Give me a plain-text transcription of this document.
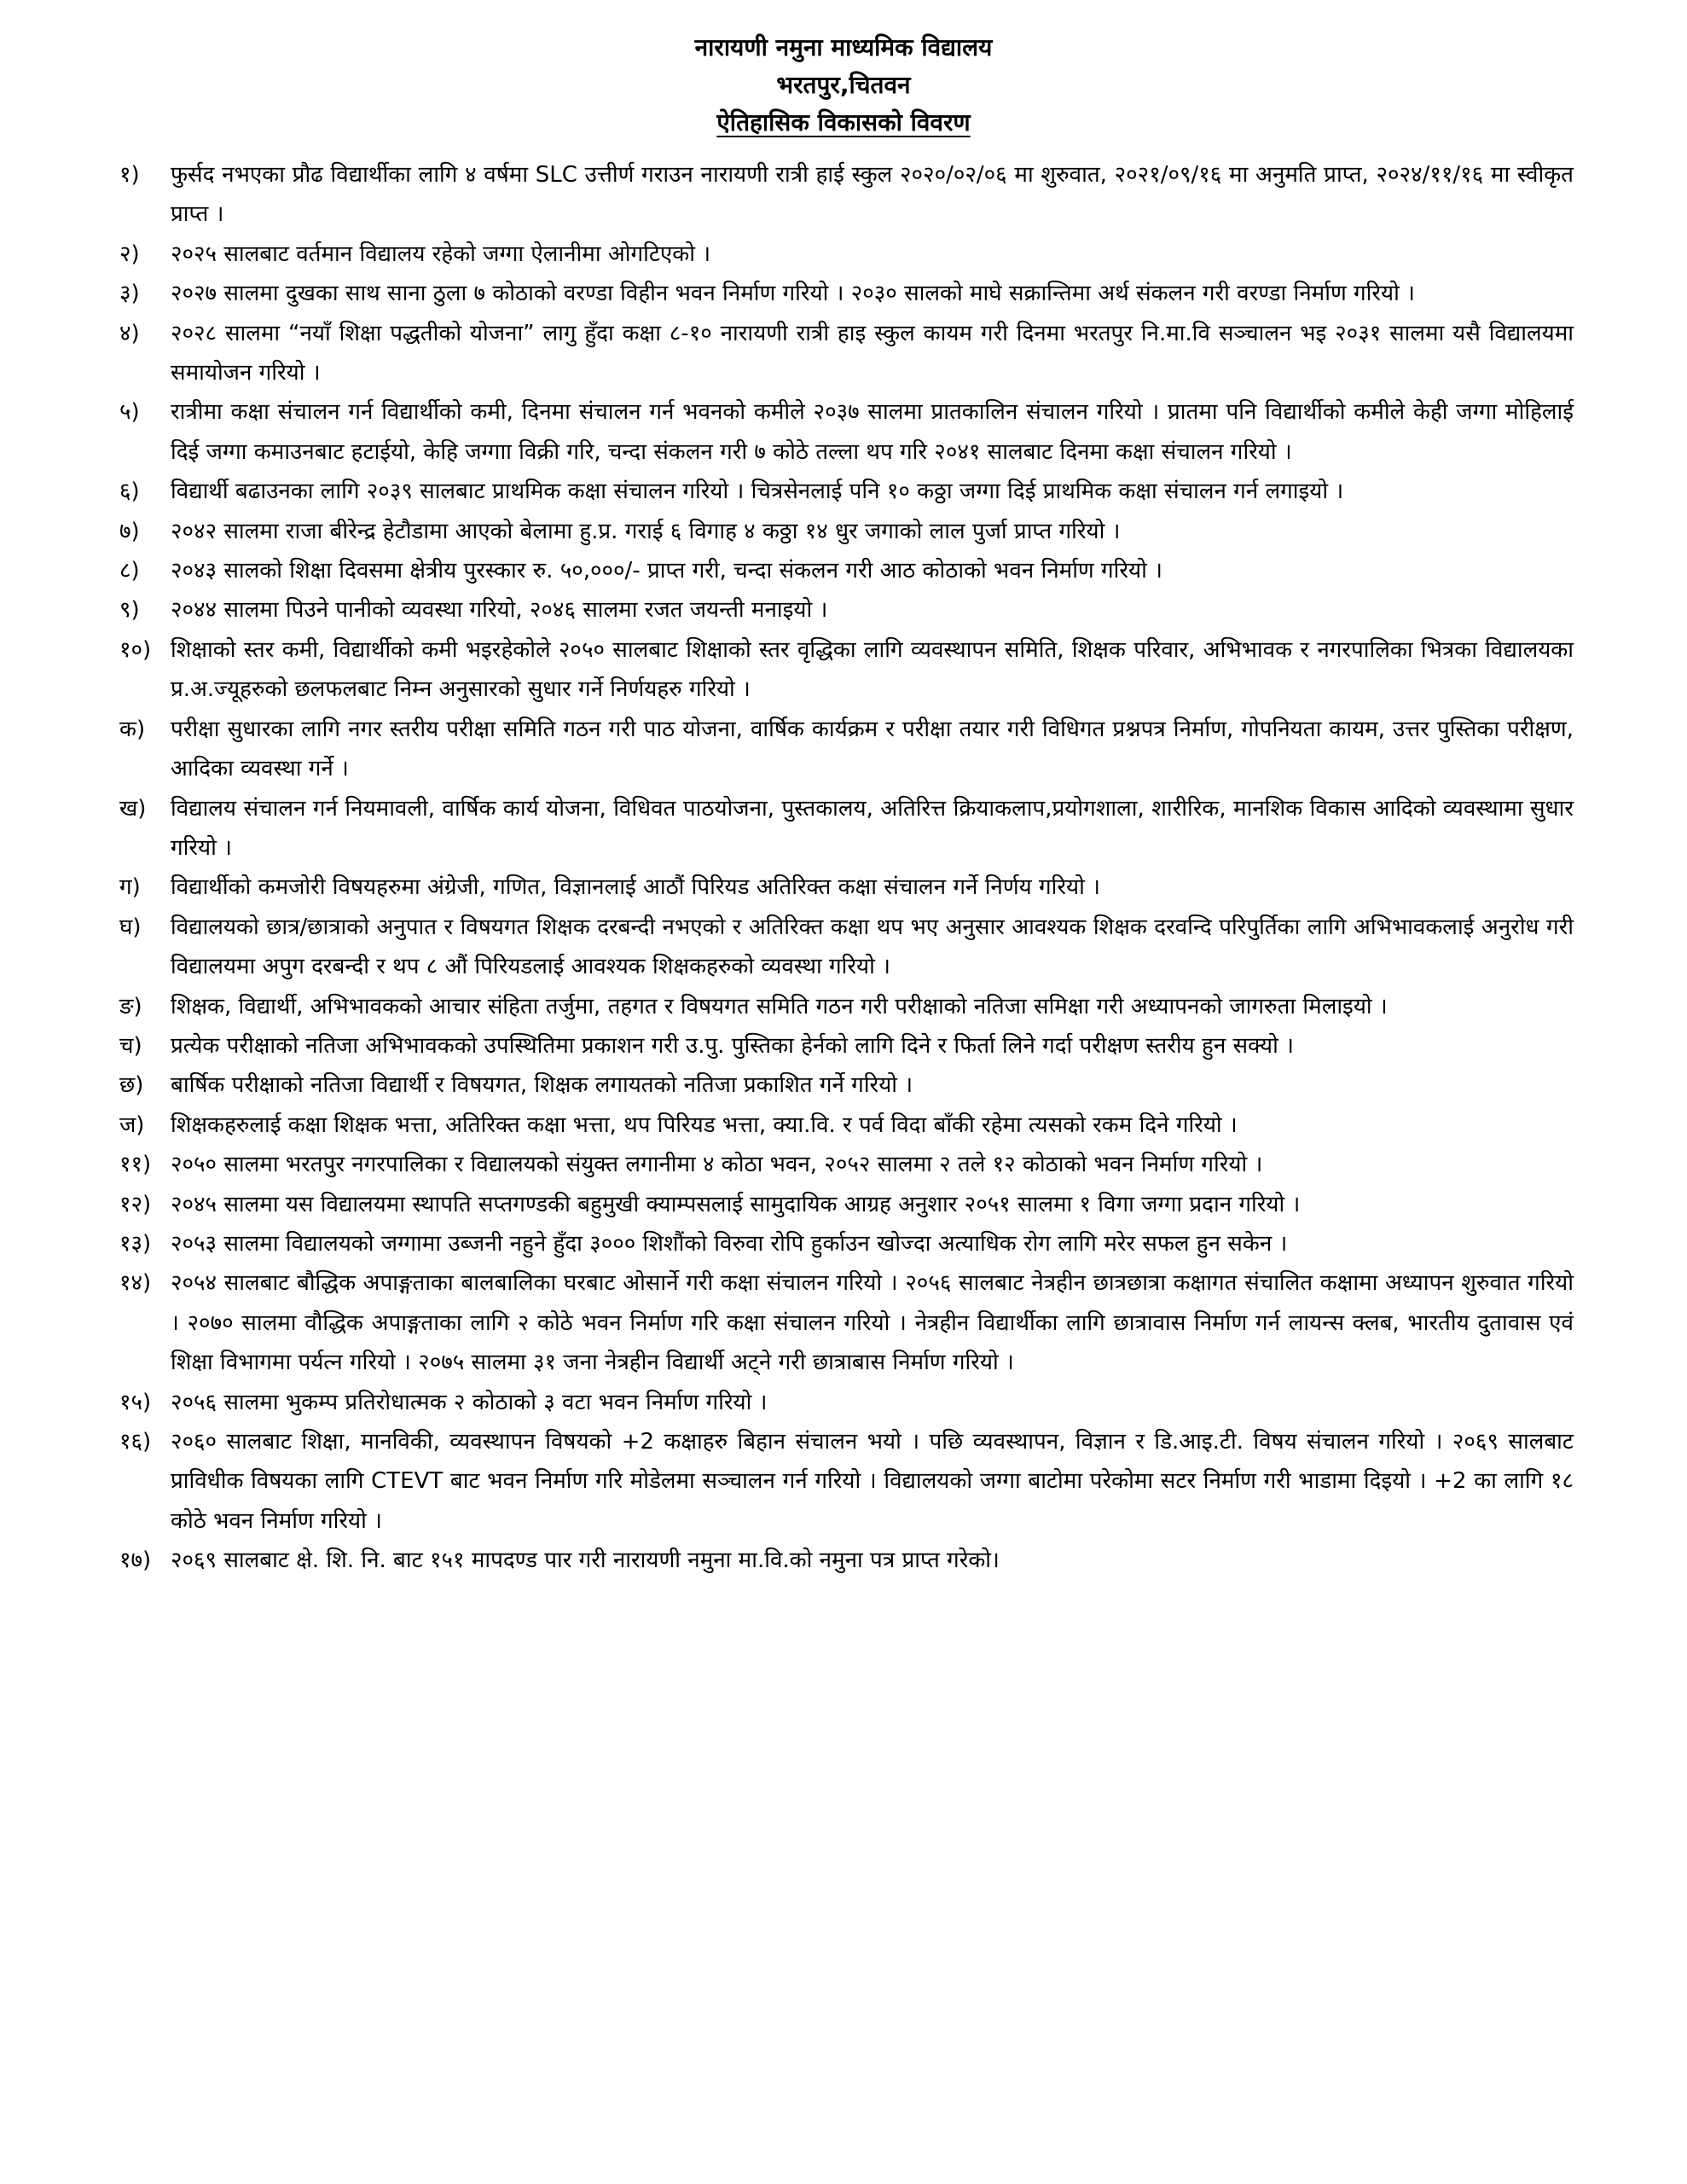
नारायणी नमुना माध्यमिक विद्यालय
भरतपुर,चितवन
ऐतिहासिक विकासको विवरण
१)	फुर्सद नभएका प्रौढ विद्यार्थीका लागि ४ वर्षमा SLC उत्तीर्ण गराउन नारायणी रात्री हाई स्कुल २०२०/०२/०६ मा शुरुवात, २०२१/०९/१६ मा अनुमति प्राप्त, २०२४/११/१६ मा स्वीकृत प्राप्त ।
२)	२०२५ सालबाट वर्तमान विद्यालय रहेको जग्गा ऐलानीमा ओगटिएको ।
३)	२०२७ सालमा दुखका साथ साना ठुला ७ कोठाको वरण्डा विहीन भवन निर्माण गरियो । २०३० सालको माघे सक्रान्तिमा अर्थ संकलन गरी वरण्डा निर्माण गरियो ।
४)	२०२८ सालमा “नयाँ शिक्षा पद्धतीको योजना” लागु हुँदा कक्षा ८-१० नारायणी रात्री हाइ स्कुल कायम गरी दिनमा भरतपुर नि.मा.वि सञ्चालन भइ २०३१ सालमा यसै विद्यालयमा समायोजन गरियो ।
५)	रात्रीमा कक्षा संचालन गर्न विद्यार्थीको कमी, दिनमा संचालन गर्न भवनको कमीले २०३७ सालमा प्रातकालिन संचालन गरियो । प्रातमा पनि विद्यार्थीको कमीले केही जग्गा मोहिलाई दिई जग्गा कमाउनबाट हटाईयो, केहि जग्गाा विक्री गरि, चन्दा संकलन गरी ७ कोठे तल्ला थप गरि २०४१ सालबाट दिनमा कक्षा संचालन गरियो ।
६)	विद्यार्थी बढाउनका लागि २०३९ सालबाट प्राथमिक कक्षा संचालन गरियो । चित्रसेनलाई पनि १० कठ्ठा जग्गा दिई प्राथमिक कक्षा संचालन गर्न लगाइयो ।
७)	२०४२ सालमा राजा बीरेन्द्र हेटौडामा आएको बेलामा हु.प्र. गराई ६ विगाह ४ कठ्ठा १४ धुर जगाको लाल पुर्जा प्राप्त गरियो ।
८)	२०४३ सालको शिक्षा दिवसमा क्षेत्रीय पुरस्कार रु. ५०,०००/- प्राप्त गरी, चन्दा संकलन गरी आठ कोठाको भवन निर्माण गरियो ।
९)	२०४४ सालमा पिउने पानीको व्यवस्था गरियो, २०४६ सालमा रजत जयन्ती मनाइयो ।
१०) शिक्षाको स्तर कमी, विद्यार्थीको कमी भइरहेकोले २०५० सालबाट शिक्षाको स्तर वृद्धिका लागि व्यवस्थापन समिति, शिक्षक परिवार, अभिभावक र नगरपालिका भित्रका विद्यालयका प्र.अ.ज्यूहरुको छलफलबाट निम्न अनुसारको सुधार गर्ने निर्णयहरु गरियो ।
क)	परीक्षा सुधारका लागि नगर स्तरीय परीक्षा समिति गठन गरी पाठ योजना, वार्षिक कार्यक्रम र परीक्षा तयार गरी विधिगत प्रश्नपत्र निर्माण, गोपनियता कायम, उत्तर पुस्तिका परीक्षण, आदिका व्यवस्था गर्ने ।
ख)	विद्यालय संचालन गर्न नियमावली, वार्षिक कार्य योजना, विधिवत पाठयोजना, पुस्तकालय, अतिरित्त क्रियाकलाप,प्रयोगशाला, शारीरिक, मानशिक विकास आदिको व्यवस्थामा सुधार गरियो ।
ग)	विद्यार्थीको कमजोरी विषयहरुमा अंग्रेजी, गणित, विज्ञानलाई आठौं पिरियड अतिरिक्त कक्षा संचालन गर्ने निर्णय गरियो ।
घ)	विद्यालयको छात्र/छात्राको अनुपात र विषयगत शिक्षक दरबन्दी नभएको र अतिरिक्त कक्षा थप भए अनुसार आवश्यक शिक्षक दरवन्दि परिपुर्तिका लागि अभिभावकलाई अनुरोध गरी विद्यालयमा अपुग दरबन्दी र थप ८ औं पिरियडलाई आवश्यक शिक्षकहरुको व्यवस्था गरियो ।
ङ)	शिक्षक, विद्यार्थी, अभिभावकको आचार संहिता तर्जुमा, तहगत र विषयगत समिति गठन गरी परीक्षाको नतिजा समिक्षा गरी अध्यापनको जागरुता मिलाइयो ।
च)	प्रत्येक परीक्षाको नतिजा अभिभावकको उपस्थितिमा प्रकाशन गरी उ.पु. पुस्तिका हेर्नको लागि दिने र फिर्ता लिने गर्दा परीक्षण स्तरीय हुन सक्यो ।
छ)	बार्षिक परीक्षाको नतिजा विद्यार्थी र विषयगत, शिक्षक लगायतको नतिजा प्रकाशित गर्ने गरियो ।
ज)	शिक्षकहरुलाई कक्षा शिक्षक भत्ता, अतिरिक्त कक्षा भत्ता, थप पिरियड भत्ता, क्या.वि. र पर्व विदा बाँकी रहेमा त्यसको रकम दिने गरियो ।
११) २०५० सालमा भरतपुर नगरपालिका र विद्यालयको संयुक्त लगानीमा ४ कोठा भवन, २०५२ सालमा २ तले १२ कोठाको भवन निर्माण गरियो ।
१२) २०४५ सालमा यस विद्यालयमा स्थापति सप्तगण्डकी बहुमुखी क्याम्पसलाई सामुदायिक आग्रह अनुशार २०५१ सालमा १ विगा जग्गा प्रदान गरियो ।
१३) २०५३ सालमा विद्यालयको जग्गामा उब्जनी नहुने हुँदा ३००० शिशौंको विरुवा रोपि हुर्काउन खोज्दा अत्याधिक रोग लागि मरेर सफल हुन सकेन ।
१४) २०५४ सालबाट बौद्धिक अपाङ्गताका बालबालिका घरबाट ओसार्ने गरी कक्षा संचालन गरियो । २०५६ सालबाट नेत्रहीन छात्रछात्रा कक्षागत संचालित कक्षामा अध्यापन शुरुवात गरियो । २०७० सालमा वौद्धिक अपाङ्गताका लागि २ कोठे भवन निर्माण गरि कक्षा संचालन गरियो । नेत्रहीन विद्यार्थीका लागि छात्रावास निर्माण गर्न लायन्स क्लब, भारतीय दुतावास एवं शिक्षा विभागमा पर्यत्न गरियो । २०७५ सालमा ३१ जना नेत्रहीन विद्यार्थी अट्ने गरी छात्राबास निर्माण गरियो ।
१५) २०५६ सालमा भुकम्प प्रतिरोधात्मक २ कोठाको ३ वटा भवन निर्माण गरियो ।
१६) २०६० सालबाट शिक्षा, मानविकी, व्यवस्थापन विषयको +2 कक्षाहरु बिहान संचालन भयो । पछि व्यवस्थापन, विज्ञान र डि.आइ.टी. विषय संचालन गरियो । २०६९ सालबाट प्राविधीक विषयका लागि CTEVT बाट भवन निर्माण गरि मोडेलमा सञ्चालन गर्न गरियो । विद्यालयको जग्गा बाटोमा परेकोमा सटर निर्माण गरी भाडामा दिइयो । +2 का लागि १८ कोठे भवन निर्माण गरियो ।
१७) २०६९ सालबाट क्षे. शि. नि. बाट १५१ मापदण्ड पार गरी नारायणी नमुना मा.वि.को नमुना पत्र प्राप्त गरेको।
